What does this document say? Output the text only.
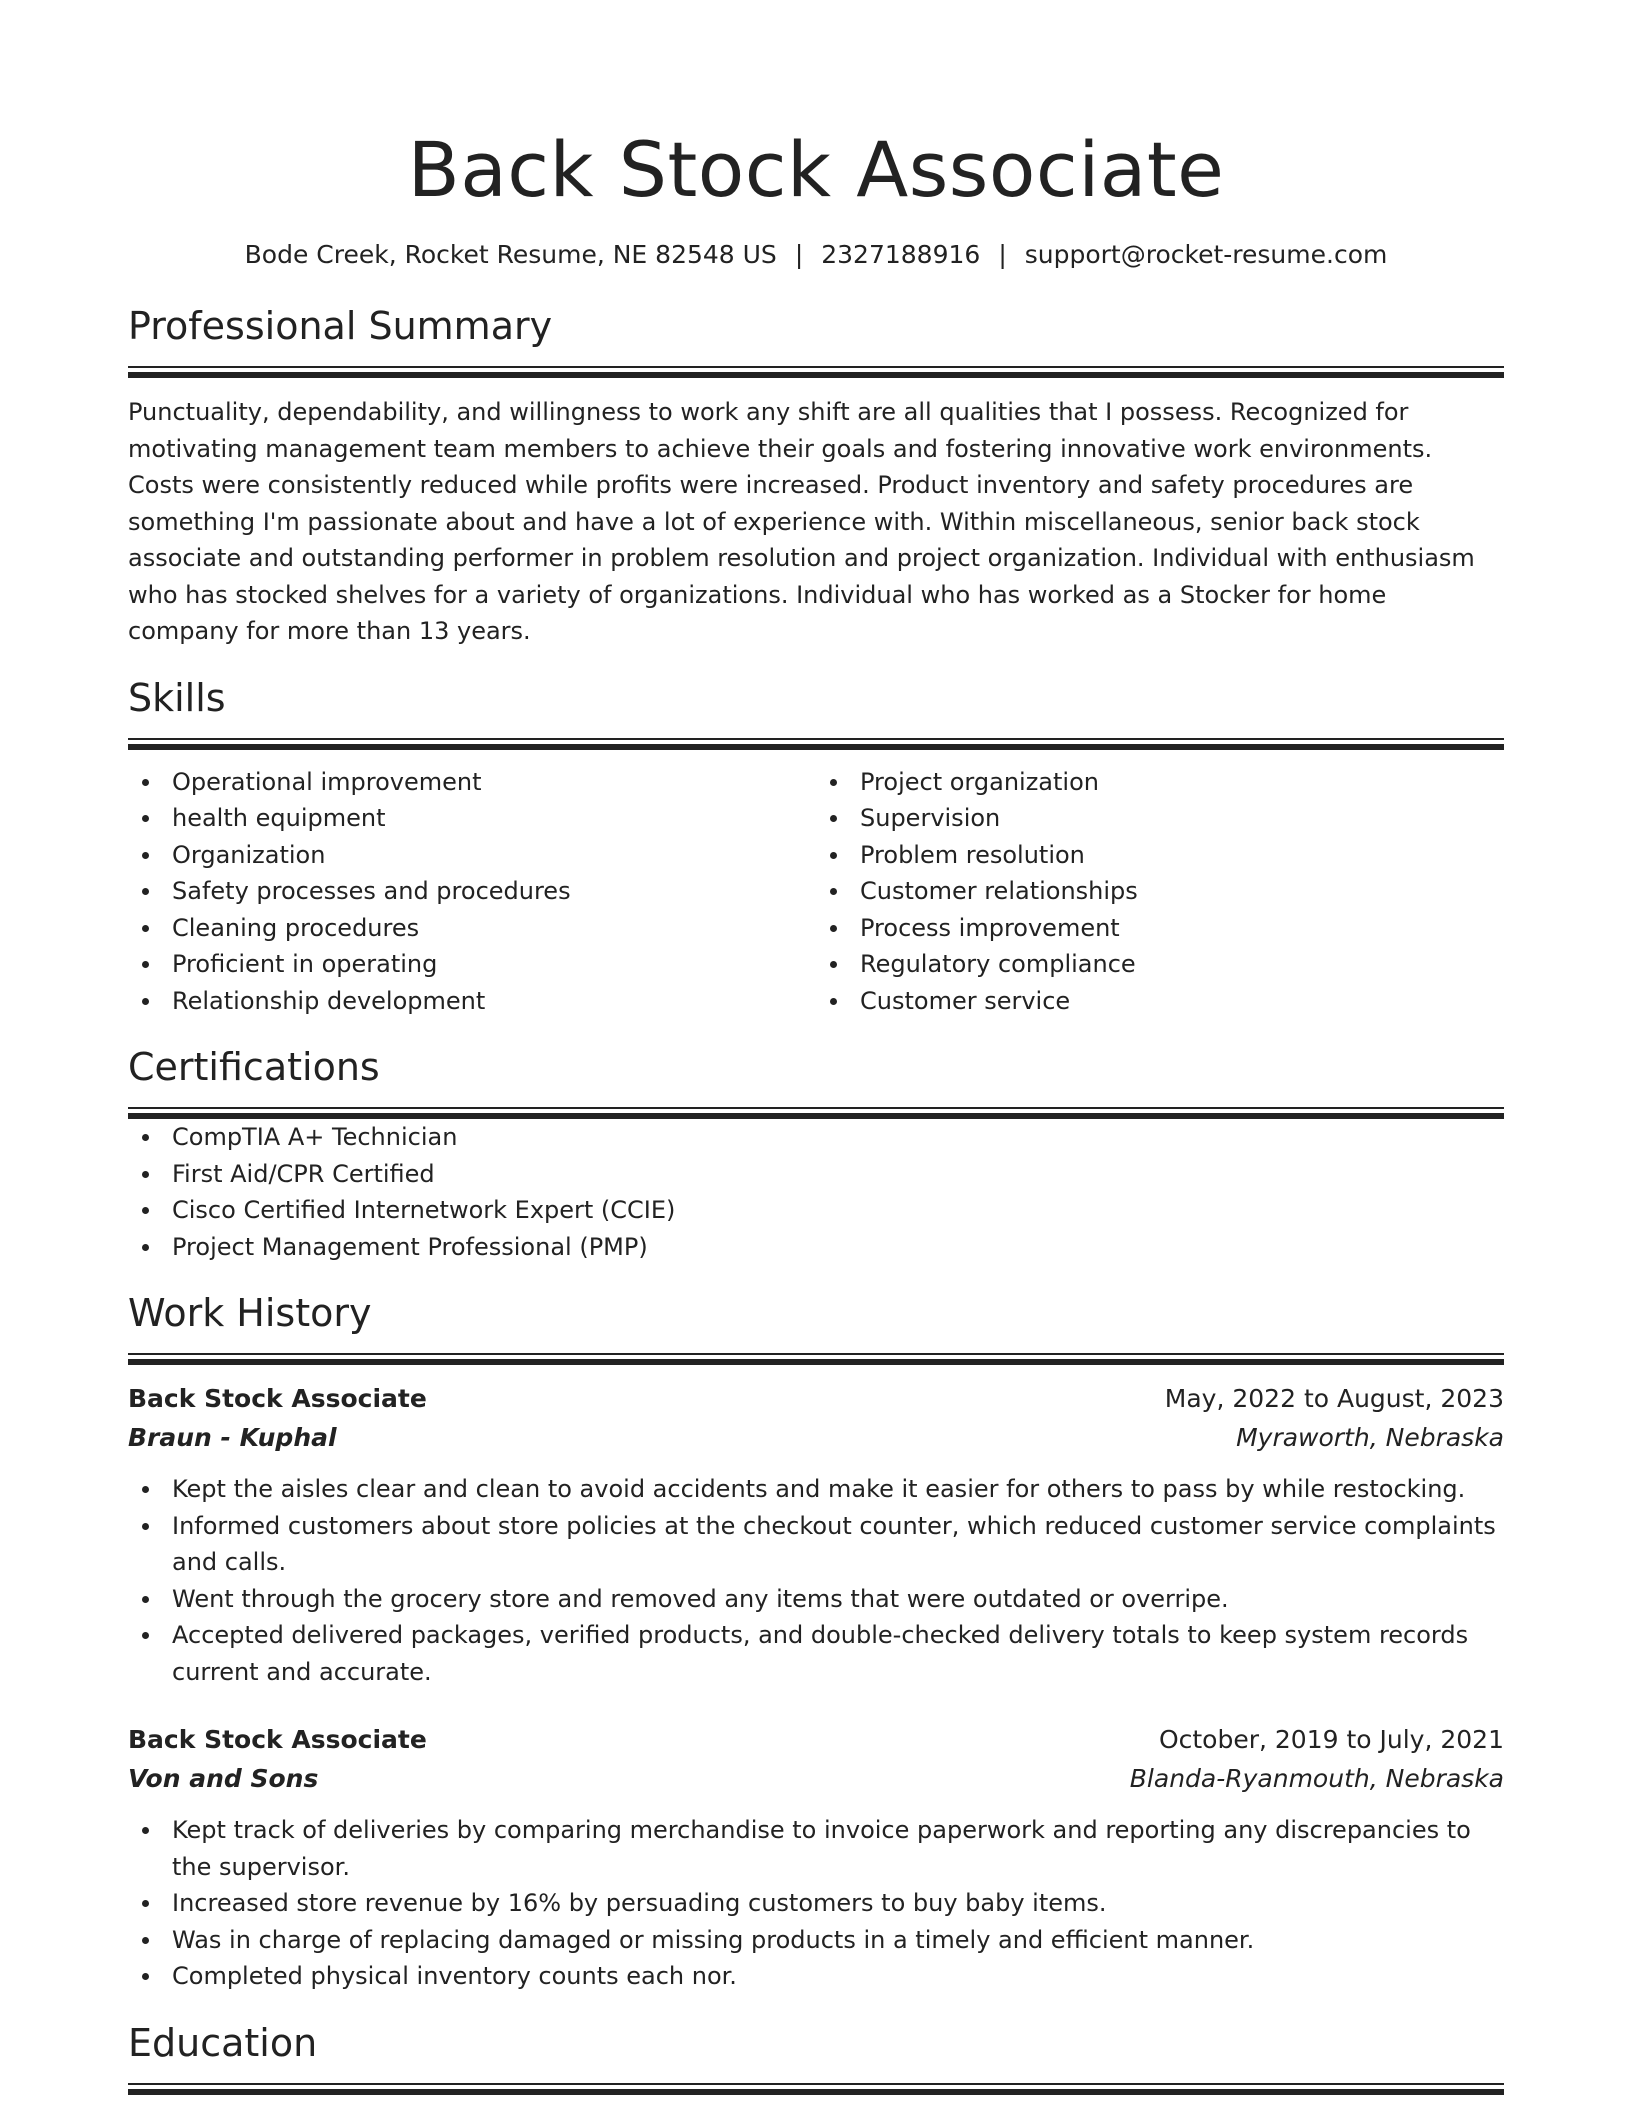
Back Stock Associate
Bode Creek, Rocket Resume, NE 82548 US | 2327188916 | support@rocket-resume.com
Professional Summary
Punctuality, dependability, and willingness to work any shift are all qualities that I possess. Recognized for motivating management team members to achieve their goals and fostering innovative work environments. Costs were consistently reduced while profits were increased. Product inventory and safety procedures are something I'm passionate about and have a lot of experience with. Within miscellaneous, senior back stock associate and outstanding performer in problem resolution and project organization. Individual with enthusiasm who has stocked shelves for a variety of organizations. Individual who has worked as a Stocker for home company for more than 13 years.
Skills
Operational improvement
health equipment
Organization
Safety processes and procedures
Cleaning procedures
Proficient in operating
Relationship development
Project organization
Supervision
Problem resolution
Customer relationships
Process improvement
Regulatory compliance
Customer service
Certifications
CompTIA A+ Technician
First Aid/CPR Certified
Cisco Certified Internetwork Expert (CCIE)
Project Management Professional (PMP)
Work History
Back Stock Associate	May, 2022 to August, 2023
Braun - Kuphal	Myraworth, Nebraska
Kept the aisles clear and clean to avoid accidents and make it easier for others to pass by while restocking.
Informed customers about store policies at the checkout counter, which reduced customer service complaints and calls.
Went through the grocery store and removed any items that were outdated or overripe.
Accepted delivered packages, verified products, and double-checked delivery totals to keep system records current and accurate.
Back Stock Associate	October, 2019 to July, 2021
Von and Sons	Blanda-Ryanmouth, Nebraska
Kept track of deliveries by comparing merchandise to invoice paperwork and reporting any discrepancies to the supervisor.
Increased store revenue by 16% by persuading customers to buy baby items.
Was in charge of replacing damaged or missing products in a timely and efficient manner.
Completed physical inventory counts each nor.
Education
